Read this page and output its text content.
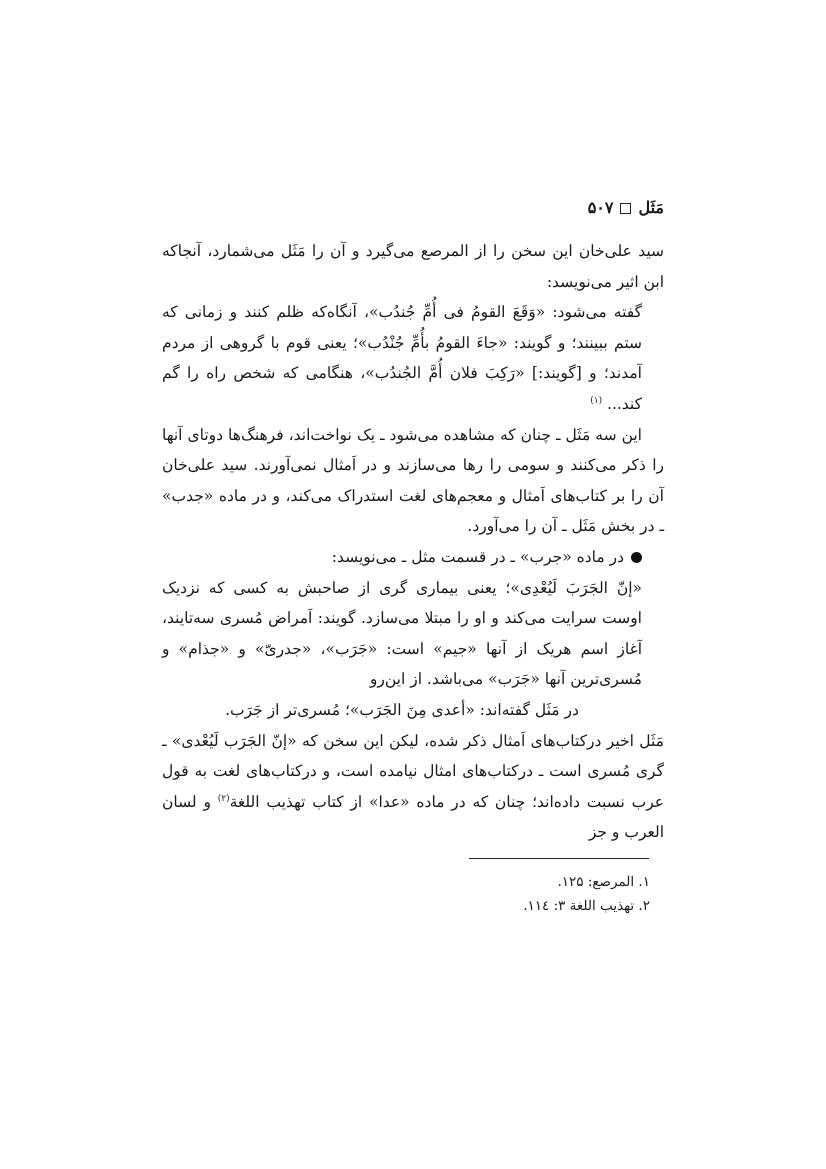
مَثَل۵۰۷

سید علی‌خان این سخن را از المرصع می‌گیرد و آن را مَثَل می‌شمارد، آنجاکه ابن اثیر می‌نویسد:

گفته می‌شود: «وَقَعَ القومُ فی أُمِّ جُندُب»، آنگاه‌که ظلم کنند و زمانی که ستم ببینند؛ و گویند: «جاءَ القومُ بأُمِّ جُنْدُب»؛ یعنی قوم با گروهی از مردم آمدند؛ و [گویند:] «رَکِبَ فلان أُمَّ الجُندُب»، هنگامی که شخص راه را گم کند... $^{(۱)}$

این سه مَثَل ـ چنان که مشاهده می‌شود ـ یک نواخت‌اند، فرهنگ‌ها دوتای آنها را ذکر می‌کنند و سومی را رها می‌سازند و در اَمثال نمی‌آورند. سید علی‌خان آن را بر کتاب‌های اَمثال و معجم‌های لغت استدراک می‌کند، و در ماده «جدب» ـ در بخش مَثَل ـ آن را می‌آورد.

در ماده «جرب» ـ در قسمت مثل ـ می‌نویسد:

«إنّ الجَرَبَ لَیُعْدِی»؛ یعنی بیماری گری از صاحبش به کسی که نزدیک اوست سرایت می‌کند و او را مبتلا می‌سازد. گویند: اَمراض مُسری سه‌تایند، آغاز اسم هریک از آنها «جیم» است: «جَرَب»، «جدریّ» و «جذام» و مُسری‌ترین آنها «جَرَب» می‌باشد. از این‌رو

در مَثَل گفته‌اند: «أعدی مِنَ الجَرَب»؛ مُسری‌تر از جَرَب.

مَثَل اخیر درکتاب‌های اَمثال ذکر شده، لیکن این سخن که «إنّ الجَرَب لَیُعْدی» ـ گری مُسری است ـ درکتاب‌های امثال نیامده است، و درکتاب‌های لغت به قول عرب نسبت داده‌اند؛ چنان که در ماده «عدا» از کتاب تهذیب اللغة$^{(۲)}$ و لسان العرب و جز

۱. المرصع: ۱۲۵.
۲. تهذیب اللغة ۳: ۱۱٤.
